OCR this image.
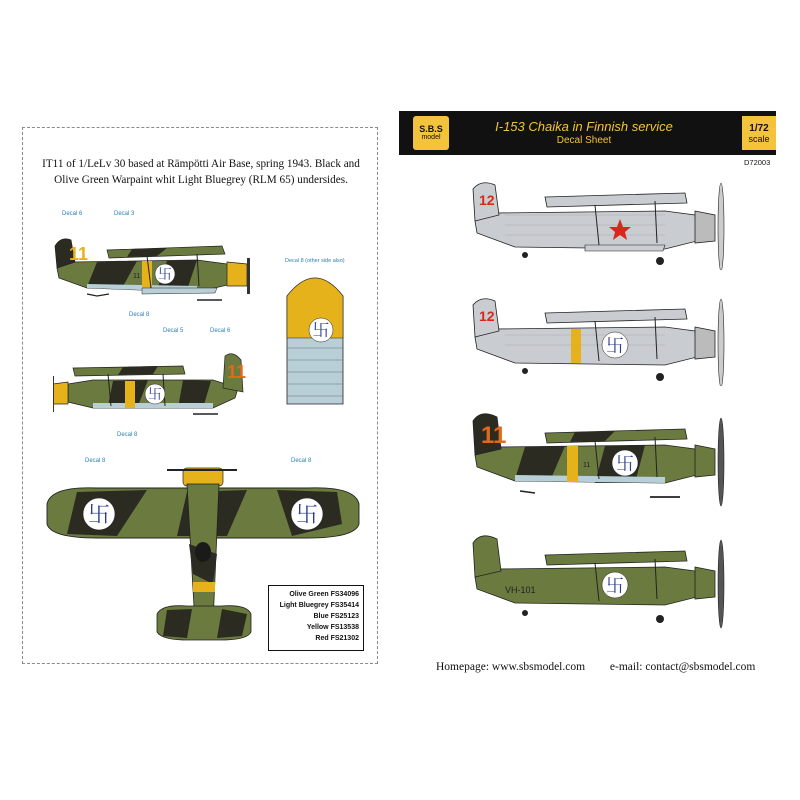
IT11 of 1/LeLv 30 based at Rämpötti Air Base, spring 1943. Black and
Olive Green Warpaint whit Light Bluegrey (RLM 65) undersides.
卐
11
11
Decal 6	Decal 3
Decal 8
卐
11
Decal 5	Decal 6
Decal 8
卐
Decal 8 (other side also)
卐	卐
Decal 8	Decal 8
Olive Green FS34096
Light Bluegrey FS35414
Blue FS25123
Yellow FS13538
Red FS21302
S.B.S
model
I-153 Chaika in Finnish service
Decal Sheet
1/72
scale
D72003
12
卐
12
卐
11
11
卐
VH-101
Homepage: www.sbsmodel.com e-mail: contact@sbsmodel.com
